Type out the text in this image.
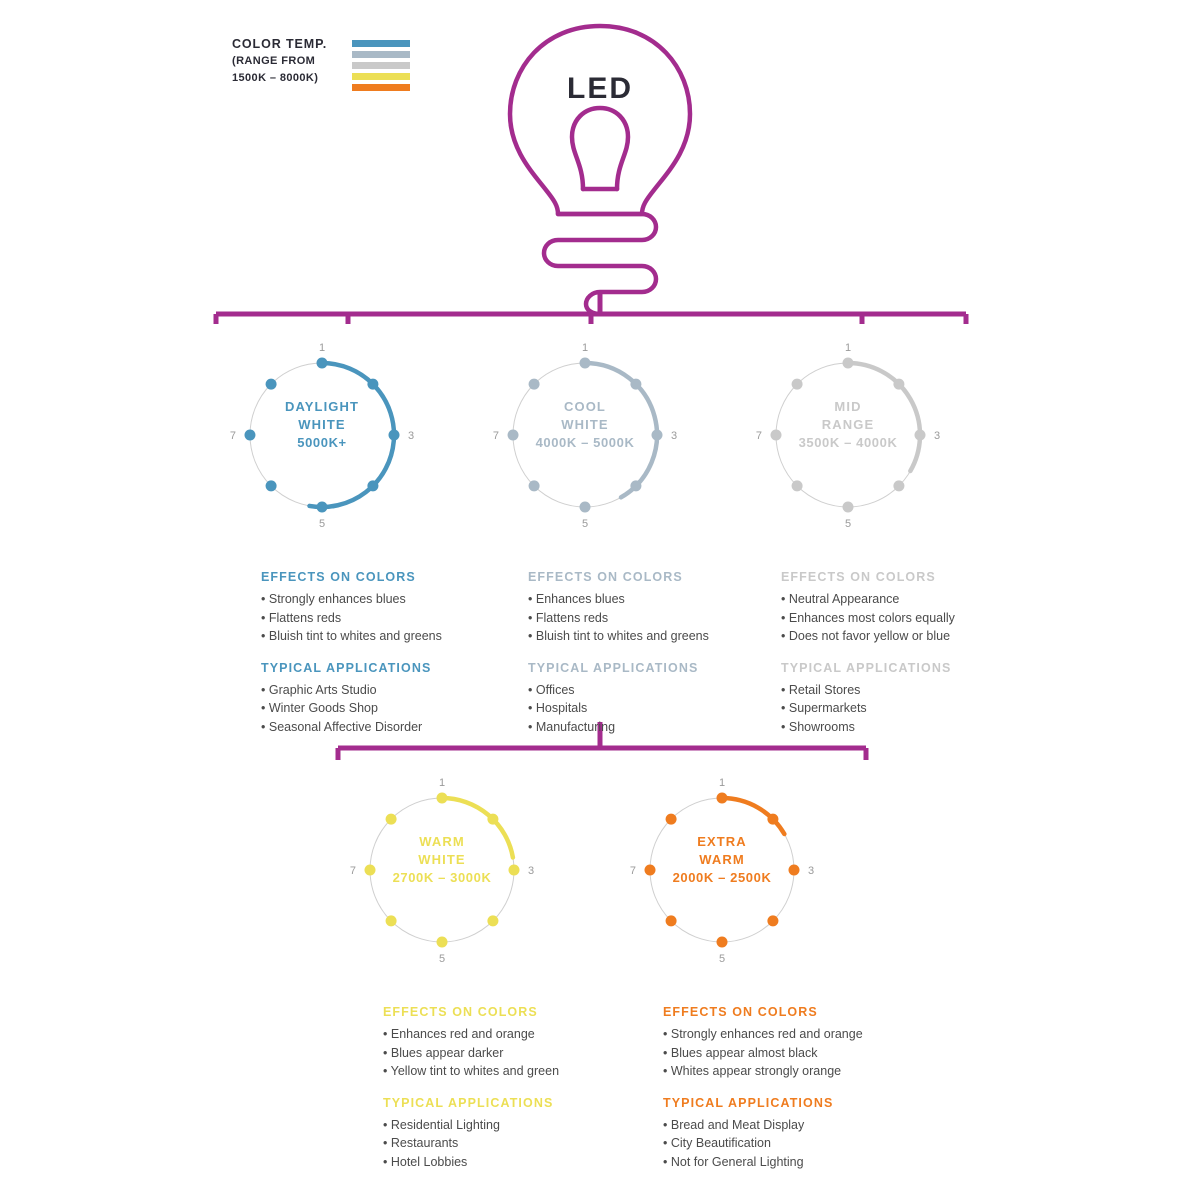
COLOR TEMP.
(RANGE FROM
1500K – 8000K)	LED
1
3
5
7
DAYLIGHT
WHITE
5000K+
1
3
5
7
COOL
WHITE
4000K – 5000K
1
3
5
7
MID
RANGE
3500K – 4000K
EFFECTS ON COLORS
• Strongly enhances blues
• Flattens reds
• Bluish tint to whites and greens
TYPICAL APPLICATIONS
• Graphic Arts Studio
• Winter Goods Shop
• Seasonal Affective Disorder
EFFECTS ON COLORS
• Enhances blues
• Flattens reds
• Bluish tint to whites and greens
TYPICAL APPLICATIONS
• Offices
• Hospitals
• Manufacturing
EFFECTS ON COLORS
• Neutral Appearance
• Enhances most colors equally
• Does not favor yellow or blue
TYPICAL APPLICATIONS
• Retail Stores
• Supermarkets
• Showrooms
1
3
5
7
WARM
WHITE
2700K – 3000K
1
3
5
7
EXTRA
WARM
2000K – 2500K
EFFECTS ON COLORS
• Enhances red and orange
• Blues appear darker
• Yellow tint to whites and green
TYPICAL APPLICATIONS
• Residential Lighting
• Restaurants
• Hotel Lobbies
EFFECTS ON COLORS
• Strongly enhances red and orange
• Blues appear almost black
• Whites appear strongly orange
TYPICAL APPLICATIONS
• Bread and Meat Display
• City Beautification
• Not for General Lighting
